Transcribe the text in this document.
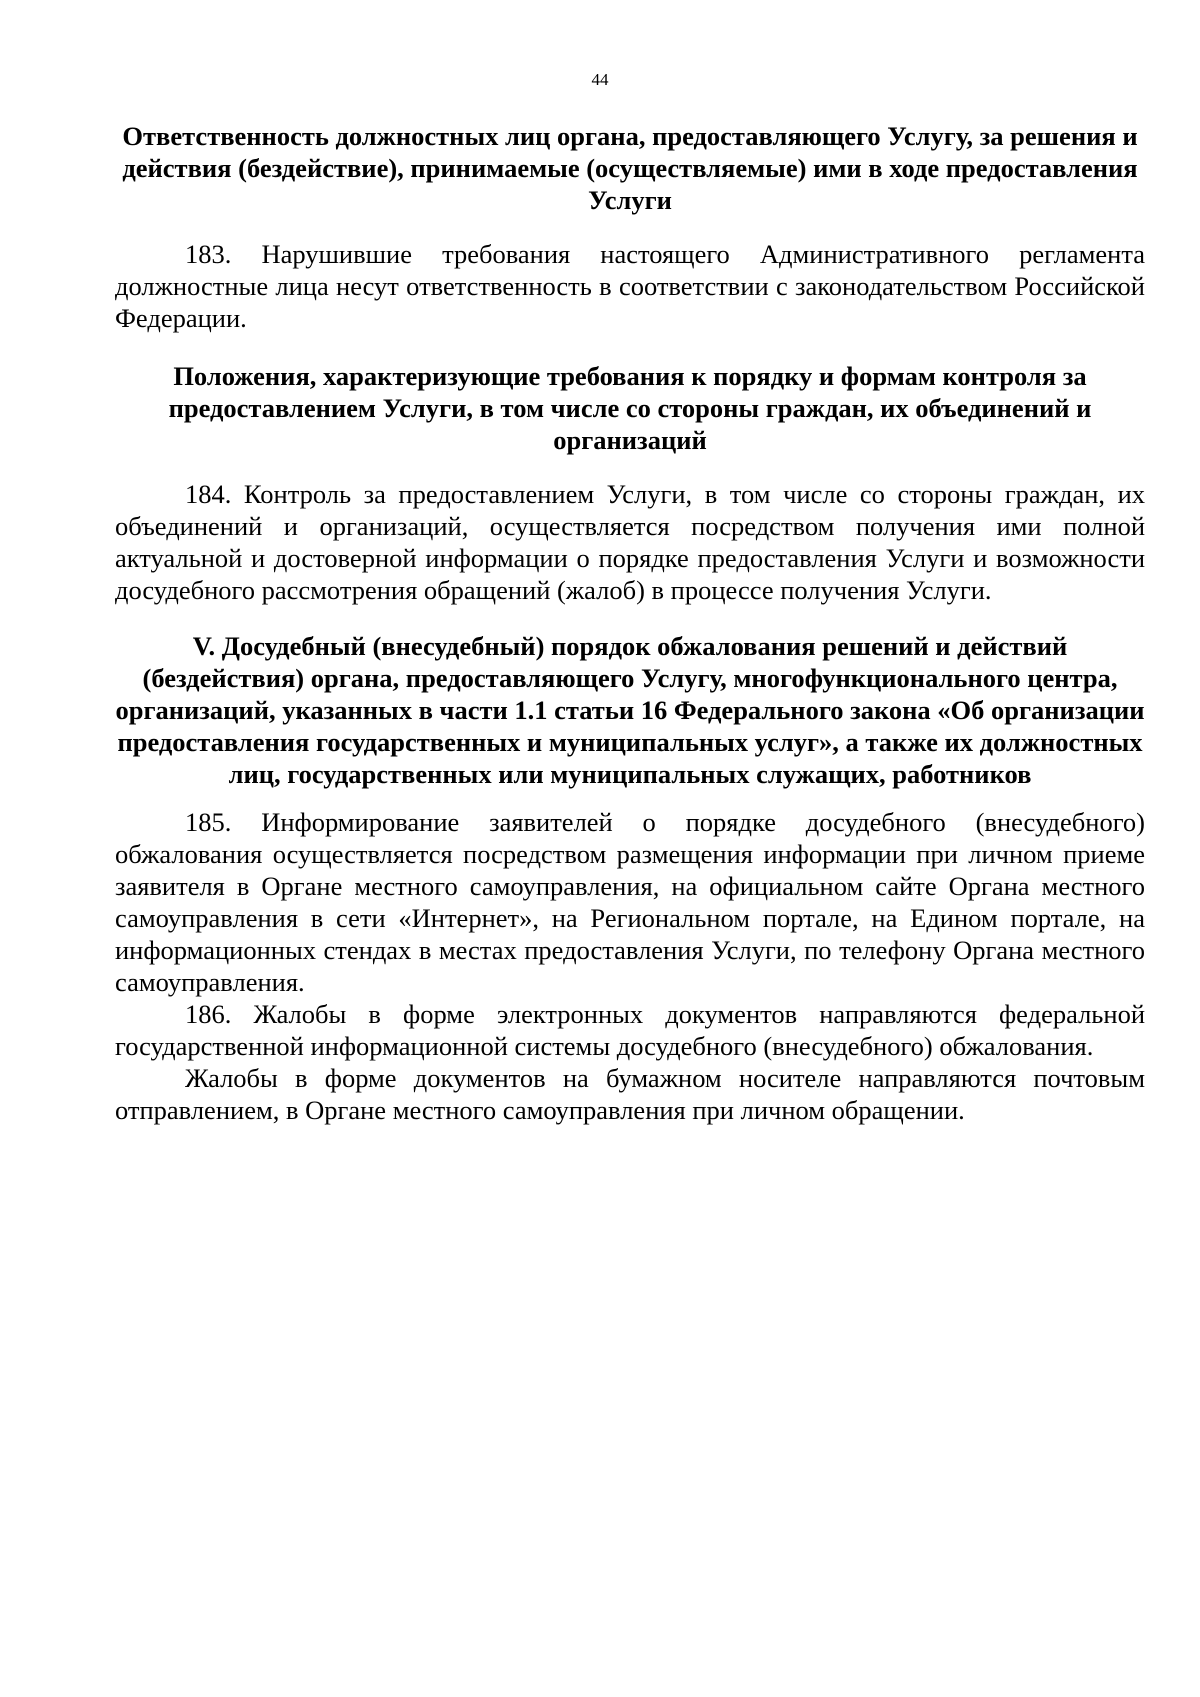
44

Ответственность должностных лиц органа, предоставляющего Услугу, за решения и действия (бездействие), принимаемые (осуществляемые) ими в ходе предоставления Услуги

183. Нарушившие требования настоящего Административного регламента должностные лица несут ответственность в соответствии с законодательством Российской Федерации.

Положения, характеризующие требования к порядку и формам контроля за предоставлением Услуги, в том числе со стороны граждан, их объединений и организаций

184. Контроль за предоставлением Услуги, в том числе со стороны граждан, их объединений и организаций, осуществляется посредством получения ими полной актуальной и достоверной информации о порядке предоставления Услуги и возможности досудебного рассмотрения обращений (жалоб) в процессе получения Услуги.

V. Досудебный (внесудебный) порядок обжалования решений и действий (бездействия) органа, предоставляющего Услугу, многофункционального центра, организаций, указанных в части 1.1 статьи 16 Федерального закона «Об организации предоставления государственных и муниципальных услуг», а также их должностных лиц, государственных или муниципальных служащих, работников

185. Информирование заявителей о порядке досудебного (внесудебного) обжалования осуществляется посредством размещения информации при личном приеме заявителя в Органе местного самоуправления, на официальном сайте Органа местного самоуправления в сети «Интернет», на Региональном портале, на Едином портале, на информационных стендах в местах предоставления Услуги, по телефону Органа местного самоуправления.

186. Жалобы в форме электронных документов направляются федеральной государственной информационной системы досудебного (внесудебного) обжалования.

Жалобы в форме документов на бумажном носителе направляются почтовым отправлением, в Органе местного самоуправления при личном обращении.
